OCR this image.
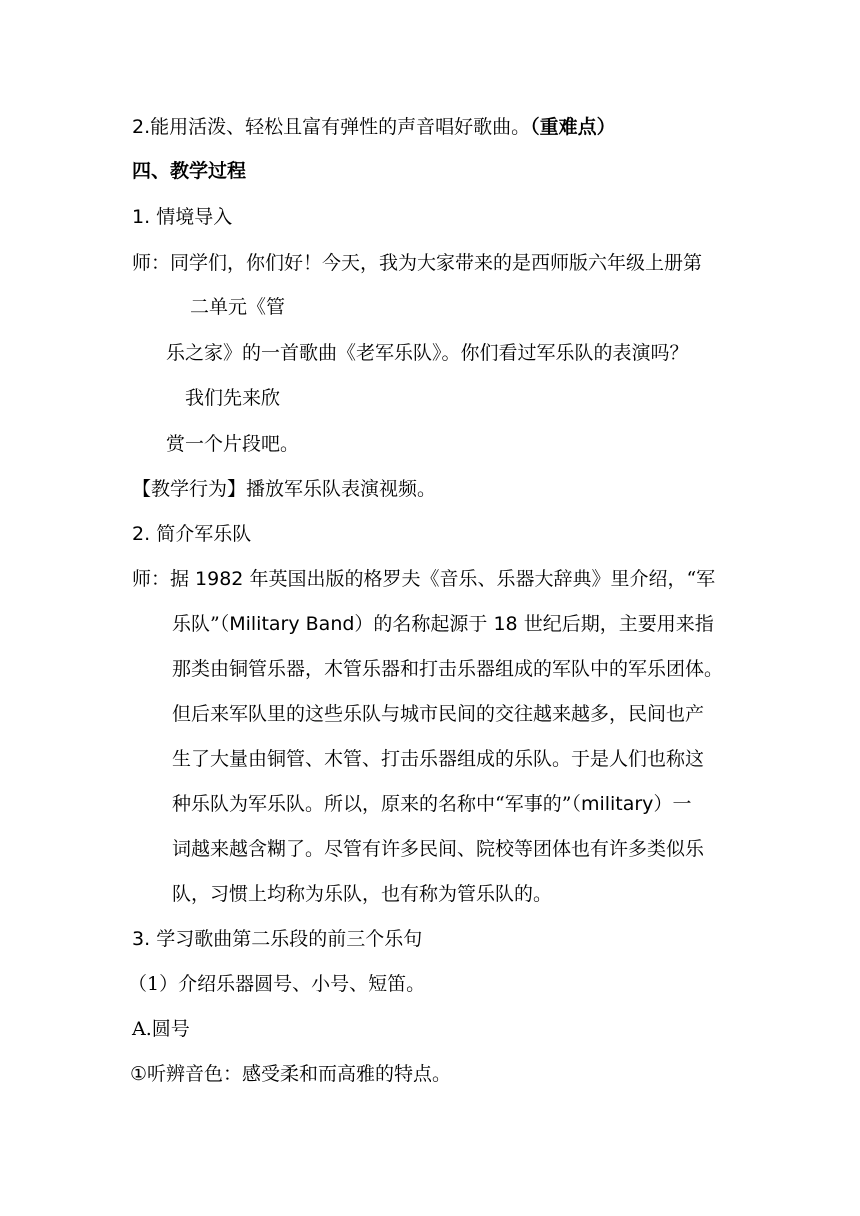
2.能用活泼、轻松且富有弹性的声音唱好歌曲。（重难点）
四、教学过程
1. 情境导入
师：同学们，你们好！今天，我为大家带来的是西师版六年级上册第
二单元《管
乐之家》的一首歌曲《老军乐队》。你们看过军乐队的表演吗？
我们先来欣
赏一个片段吧。
【教学行为】播放军乐队表演视频。
2. 简介军乐队
师：据 1982 年英国出版的格罗夫《音乐、乐器大辞典》里介绍，“军
乐队”（Military Band）的名称起源于 18 世纪后期，主要用来指
那类由铜管乐器，木管乐器和打击乐器组成的军队中的军乐团体。
但后来军队里的这些乐队与城市民间的交往越来越多，民间也产
生了大量由铜管、木管、打击乐器组成的乐队。于是人们也称这
种乐队为军乐队。所以，原来的名称中“军事的”（military）一
词越来越含糊了。尽管有许多民间、院校等团体也有许多类似乐
队，习惯上均称为乐队，也有称为管乐队的。
3. 学习歌曲第二乐段的前三个乐句
（1）介绍乐器圆号、小号、短笛。
A.圆号
①听辨音色：感受柔和而高雅的特点。
